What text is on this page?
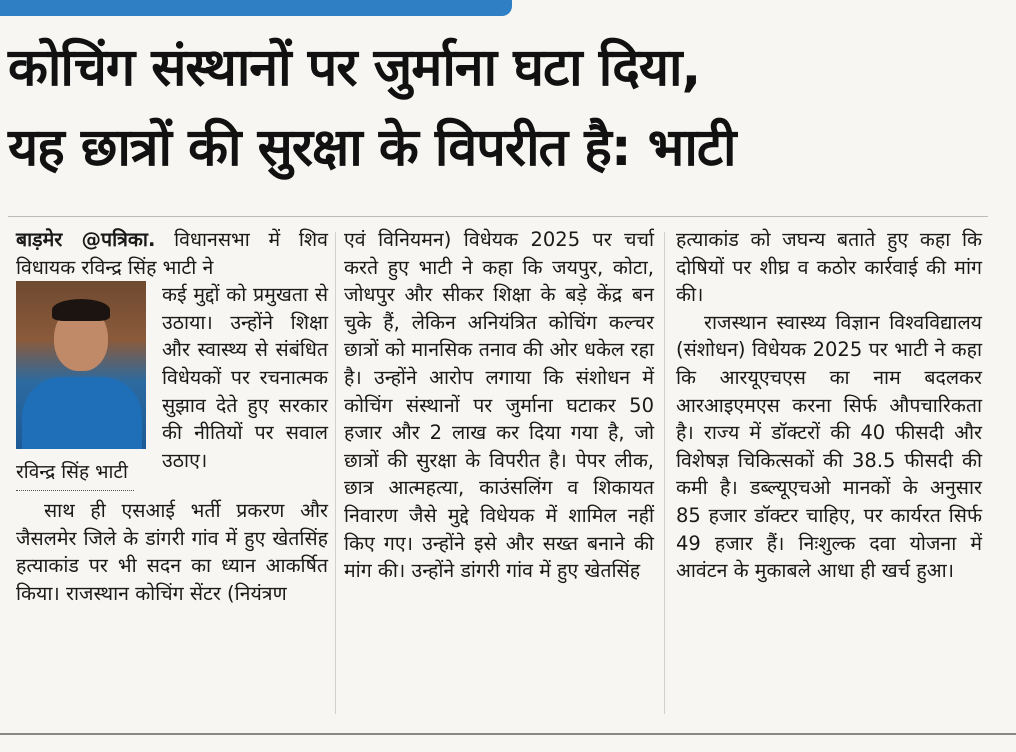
कोचिंग संस्थानों पर जुर्माना घटा दिया,
यह छात्रों की सुरक्षा के विपरीत है: भाटी

बाड़मेर @पत्रिका. विधानसभा में शिव विधायक रविन्द्र सिंह भाटी ने

रविन्द्र सिंह भाटी

कई मुद्दों को प्रमुखता से उठाया। उन्होंने शिक्षा और स्वास्थ्य से संबंधित विधेयकों पर रचनात्मक सुझाव देते हुए सरकार की नीतियों पर सवाल उठाए।

साथ ही एसआई भर्ती प्रकरण और जैसलमेर जिले के डांगरी गांव में हुए खेतसिंह हत्याकांड पर भी सदन का ध्यान आकर्षित किया। राजस्थान कोचिंग सेंटर (नियंत्रण

एवं विनियमन) विधेयक 2025 पर चर्चा करते हुए भाटी ने कहा कि जयपुर, कोटा, जोधपुर और सीकर शिक्षा के बड़े केंद्र बन चुके हैं, लेकिन अनियंत्रित कोचिंग कल्चर छात्रों को मानसिक तनाव की ओर धकेल रहा है। उन्होंने आरोप लगाया कि संशोधन में कोचिंग संस्थानों पर जुर्माना घटाकर 50 हजार और 2 लाख कर दिया गया है, जो छात्रों की सुरक्षा के विपरीत है। पेपर लीक, छात्र आत्महत्या, काउंसलिंग व शिकायत निवारण जैसे मुद्दे विधेयक में शामिल नहीं किए गए। उन्होंने इसे और सख्त बनाने की मांग की। उन्होंने डांगरी गांव में हुए खेतसिंह

हत्याकांड को जघन्य बताते हुए कहा कि दोषियों पर शीघ्र व कठोर कार्रवाई की मांग की।

राजस्थान स्वास्थ्य विज्ञान विश्वविद्यालय (संशोधन) विधेयक 2025 पर भाटी ने कहा कि आरयूएचएस का नाम बदलकर आरआइएमएस करना सिर्फ औपचारिकता है। राज्य में डॉक्टरों की 40 फीसदी और विशेषज्ञ चिकित्सकों की 38.5 फीसदी की कमी है। डब्ल्यूएचओ मानकों के अनुसार 85 हजार डॉक्टर चाहिए, पर कार्यरत सिर्फ 49 हजार हैं। निःशुल्क दवा योजना में आवंटन के मुकाबले आधा ही खर्च हुआ।
